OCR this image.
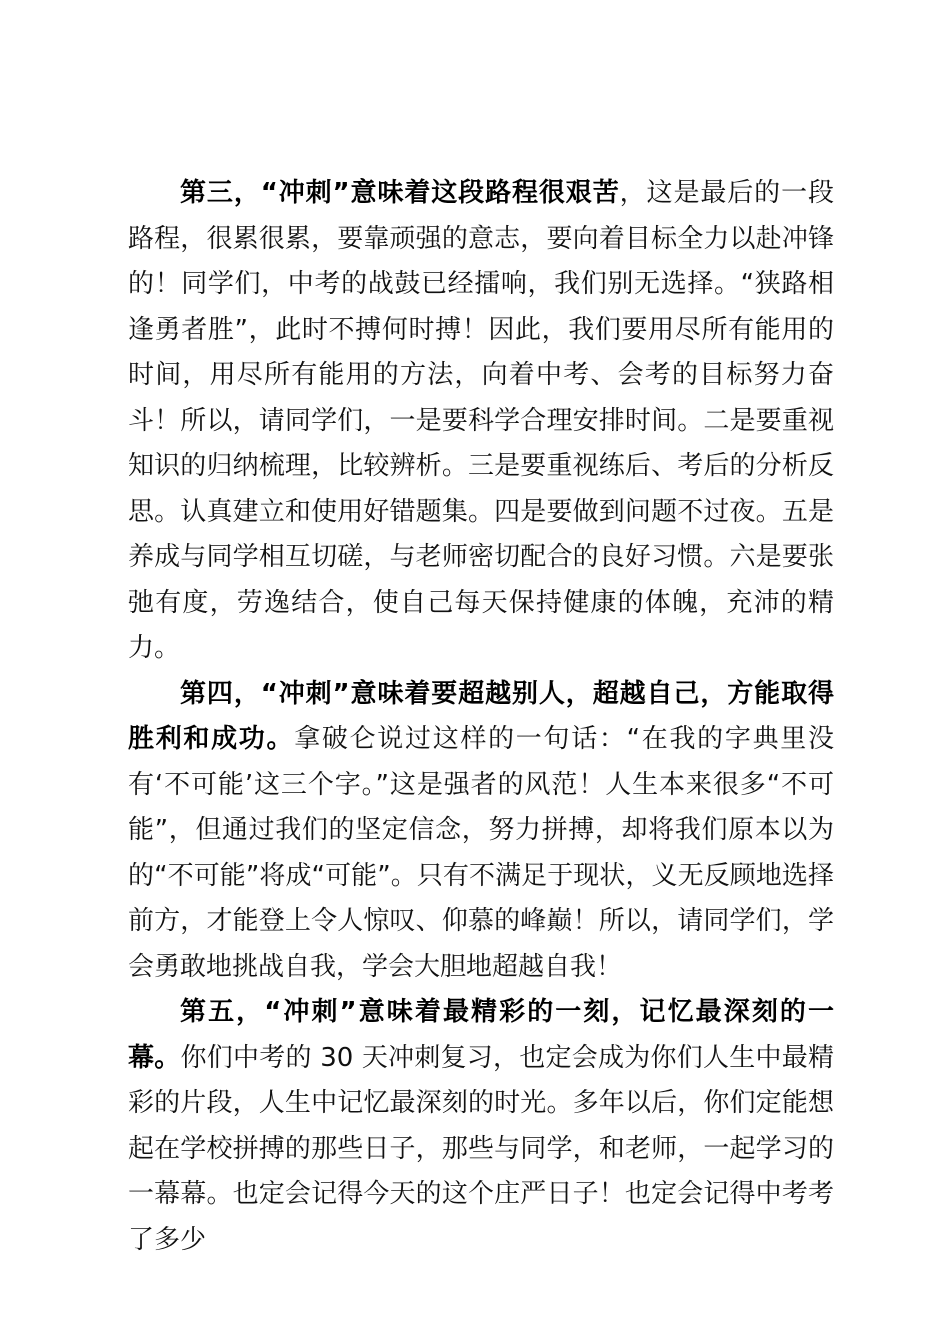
第三，“冲刺”意味着这段路程很艰苦，这是最后的一段路程，很累很累，要靠顽强的意志，要向着目标全力以赴冲锋的！同学们，中考的战鼓已经擂响，我们别无选择。“狭路相逢勇者胜”，此时不搏何时搏！因此，我们要用尽所有能用的时间，用尽所有能用的方法，向着中考、会考的目标努力奋斗！所以，请同学们，一是要科学合理安排时间。二是要重视知识的归纳梳理，比较辨析。三是要重视练后、考后的分析反思。认真建立和使用好错题集。四是要做到问题不过夜。五是养成与同学相互切磋，与老师密切配合的良好习惯。六是要张弛有度，劳逸结合，使自己每天保持健康的体魄，充沛的精力。

第四，“冲刺”意味着要超越别人，超越自己，方能取得胜利和成功。拿破仑说过这样的一句话：“在我的字典里没有‘不可能’这三个字。”这是强者的风范！人生本来很多“不可能”，但通过我们的坚定信念，努力拼搏，却将我们原本以为的“不可能”将成“可能”。只有不满足于现状，义无反顾地选择前方，才能登上令人惊叹、仰慕的峰巅！所以，请同学们，学会勇敢地挑战自我，学会大胆地超越自我！

第五，“冲刺”意味着最精彩的一刻，记忆最深刻的一幕。你们中考的 30 天冲刺复习，也定会成为你们人生中最精彩的片段，人生中记忆最深刻的时光。多年以后，你们定能想起在学校拼搏的那些日子，那些与同学，和老师，一起学习的一幕幕。也定会记得今天的这个庄严日子！也定会记得中考考了多少
